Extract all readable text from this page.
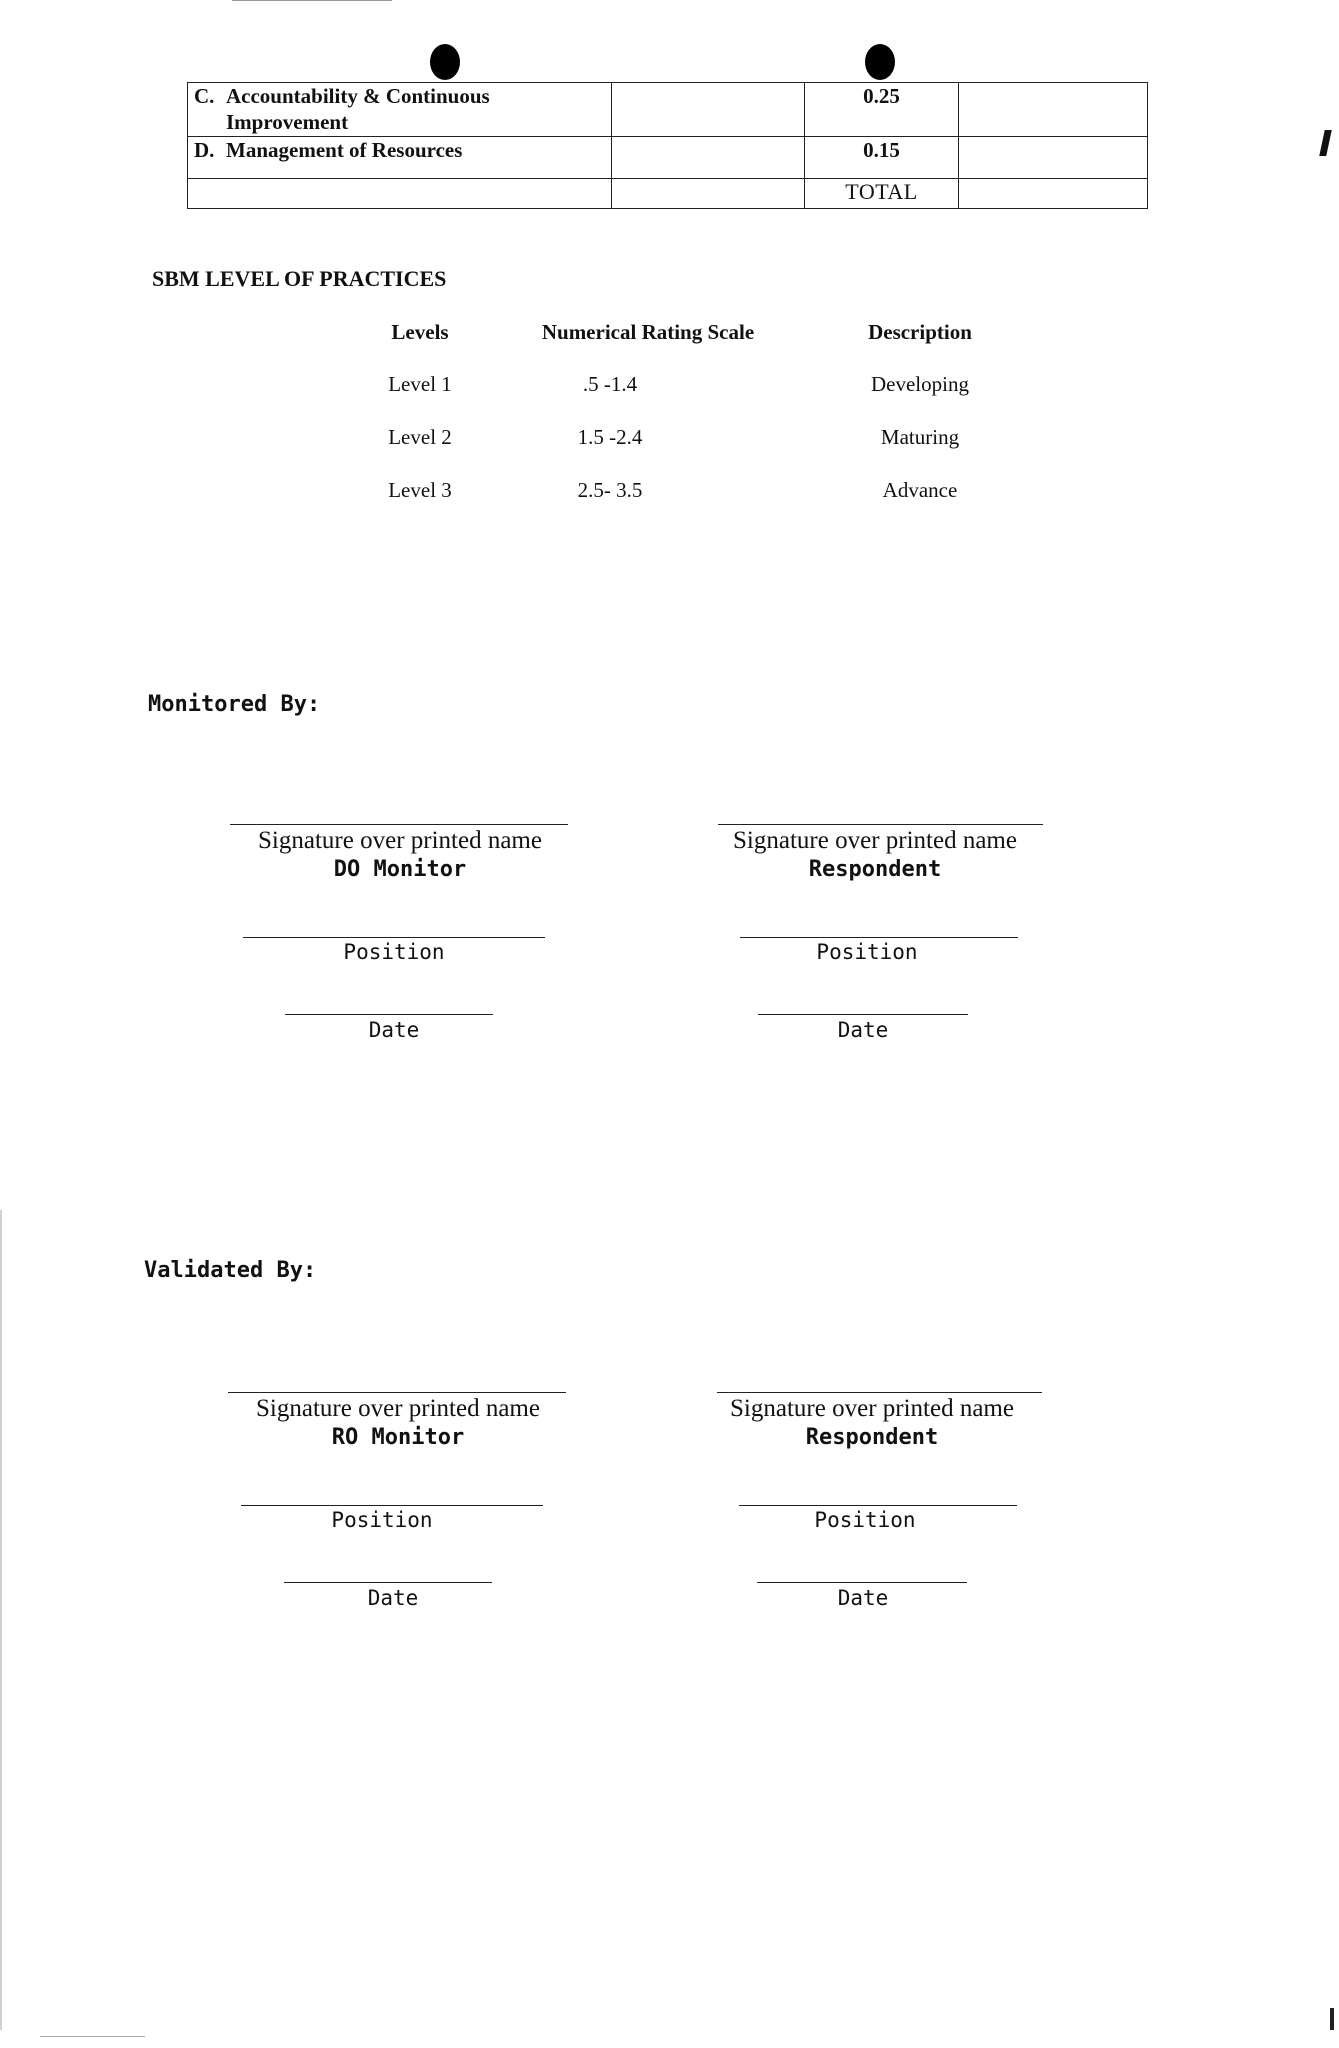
C. Accountability & Continuous
Improvement		0.25	

D. Management of Resources		0.15	
		TOTAL	
SBM LEVEL OF PRACTICES
Levels	Numerical Rating Scale	Description
Level 1	.5 -1.4	Developing
Level 2	1.5 -2.4	Maturing
Level 3	2.5- 3.5	Advance
Monitored By:
Signature over printed name
DO Monitor
Position
Date
Signature over printed name
Respondent
Position
Date
Validated By:
Signature over printed name
RO Monitor
Position
Date
Signature over printed name
Respondent
Position
Date
